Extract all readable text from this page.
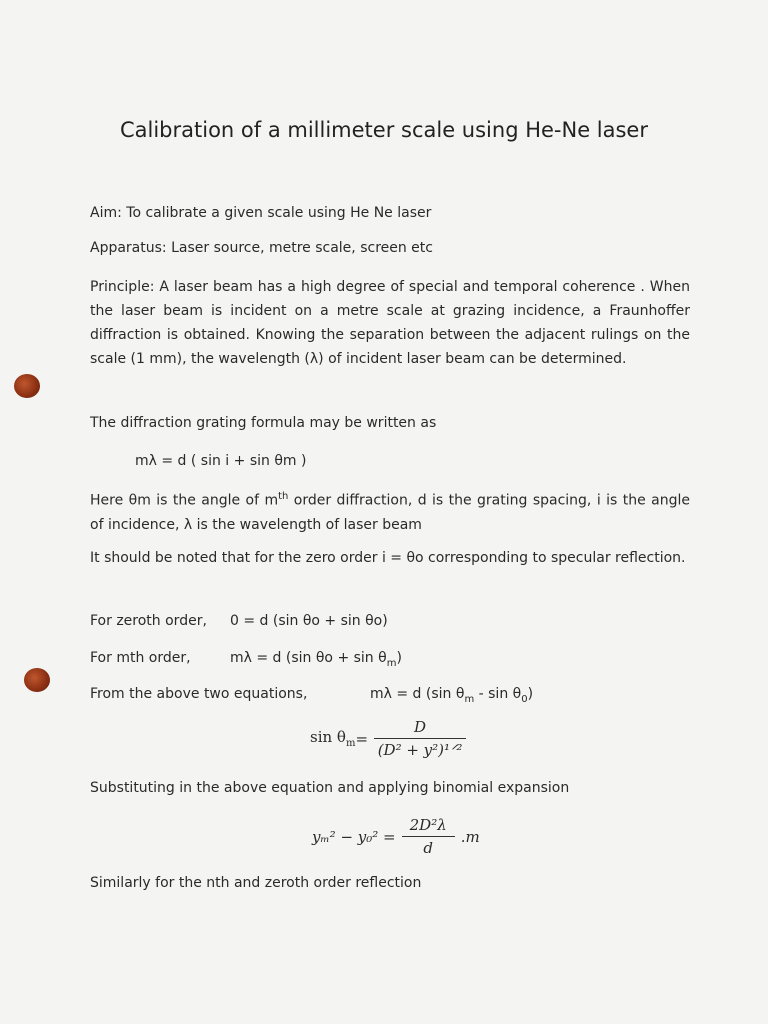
Calibration of a millimeter scale using He-Ne laser
Aim: To calibrate a given scale using He Ne laser
Apparatus: Laser source, metre scale, screen etc
Principle: A laser beam has a high degree of special and temporal coherence . When the laser beam is incident on a metre scale at grazing incidence, a Fraunhoffer diffraction is obtained. Knowing the separation between the adjacent rulings on the scale (1 mm), the wavelength (λ) of incident laser beam can be determined.
The diffraction grating formula may be written as
mλ = d ( sin i + sin θm )
Here θm is the angle of $m^{th}$ order diffraction, d is the grating spacing, i is the angle of incidence, λ is the wavelength of laser beam
It should be noted that for the zero order i = θo corresponding to specular reflection.
For zeroth order, 0 = d (sin θo + sin θo)
For mth order,	mλ = d (sin $\theta o + \sin \theta_m$)
From the above two equations,	mλ = d (sin $\theta_m$ - $\sin \theta_0$)
$\sin \theta_m = \frac{D}{\text{(D² + y²)¹ᐟ²}}$
Substituting in the above equation and applying binomial expansion
$y_m^2 - y_0^2 = \frac{\text{2D²λ}}{d} .m$
Similarly for the nth and zeroth order reflection
